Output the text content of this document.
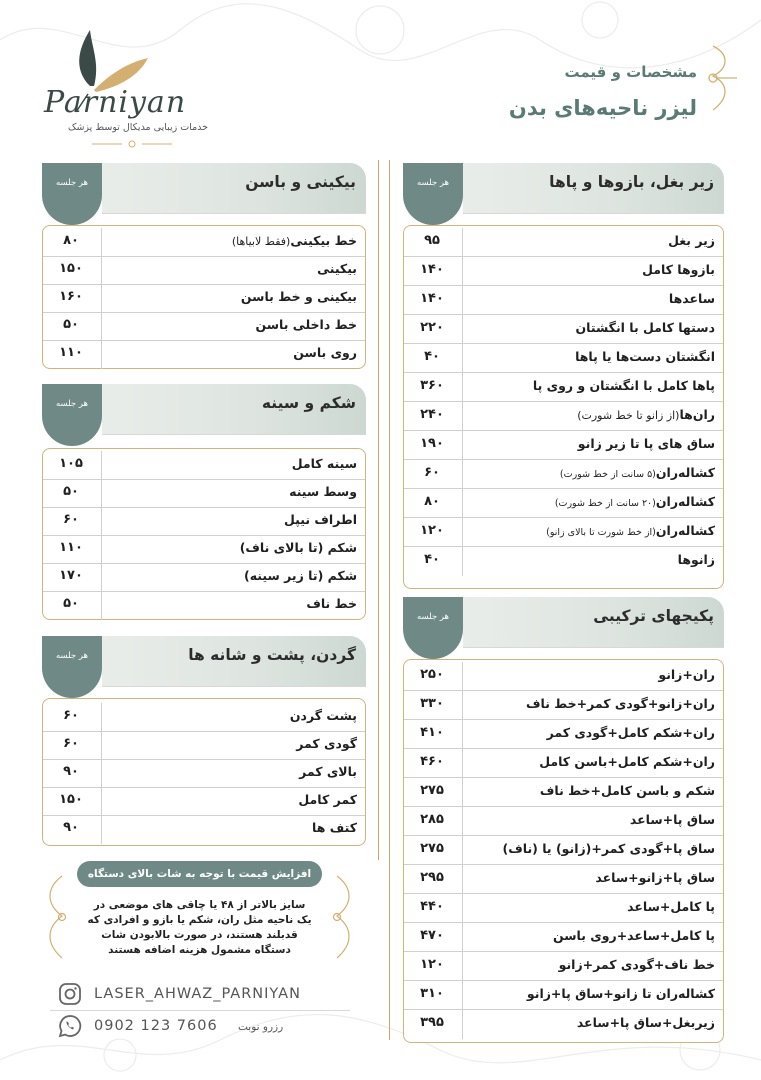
Parniyan
خدمات زیبایی مدیکال توسط پزشک
مشخصات و قیمت
لیزر ناحیه‌های بدن
هر جلسه	بیکینی و باسن
خط بیکینی(فقط لابیاها)
۸۰
بیکینی
۱۵۰
بیکینی و خط باسن
۱۶۰
خط داخلی باسن
۵۰
روی باسن
۱۱۰
هر جلسه	شکم و سینه
سینه کامل
۱۰۵
وسط سینه
۵۰
اطراف نیپل
۶۰
شکم (تا بالای ناف)
۱۱۰
شکم (تا زیر سینه)
۱۷۰
خط ناف
۵۰
هر جلسه	گردن، پشت و شانه ها
پشت گردن
۶۰
گودی کمر
۶۰
بالای کمر
۹۰
کمر کامل
۱۵۰
کتف ها
۹۰
هر جلسه	زیر بغل، بازوها و پاها
زیر بغل
۹۵
بازوها کامل
۱۴۰
ساعدها
۱۴۰
دستها کامل با انگشتان
۲۲۰
انگشتان دست‌ها یا پاها
۴۰
پاها کامل با انگشتان و روی پا
۳۶۰
ران‌ها(از زانو تا خط شورت)
۲۴۰
ساق های پا تا زیر زانو
۱۹۰
کشاله‌ران(۵ سانت از خط شورت)
۶۰
کشاله‌ران(۲۰ سانت از خط شورت)
۸۰
کشاله‌ران(از خط شورت تا بالای زانو)
۱۲۰
زانوها
۴۰
هر جلسه	پکیجهای ترکیبی
ران+زانو
۲۵۰
ران+زانو+گودی کمر+خط ناف
۳۳۰
ران+شکم کامل+گودی کمر
۴۱۰
ران+شکم کامل+باسن کامل
۴۶۰
شکم و باسن کامل+خط ناف
۲۷۵
ساق پا+ساعد
۲۸۵
ساق پا+گودی کمر+(زانو) یا (ناف)
۲۷۵
ساق پا+زانو+ساعد
۲۹۵
پا کامل+ساعد
۴۴۰
پا کامل+ساعد+روی باسن
۴۷۰
خط ناف+گودی کمر+زانو
۱۲۰
کشاله‌ران تا زانو+ساق پا+زانو
۳۱۰
زیربغل+ساق پا+ساعد
۳۹۵
افزایش قیمت با توجه به شات بالای دستگاه
سایز بالاتر از ۴۸ یا چاقی های موضعی در یک ناحیه مثل ران، شکم یا بازو و افرادی که قدبلند هستند، در صورت بالابودن شات دستگاه مشمول هزینه اضافه هستند
LASER_AHWAZ_PARNIYAN
0902 123 7606 رزرو نوبت
